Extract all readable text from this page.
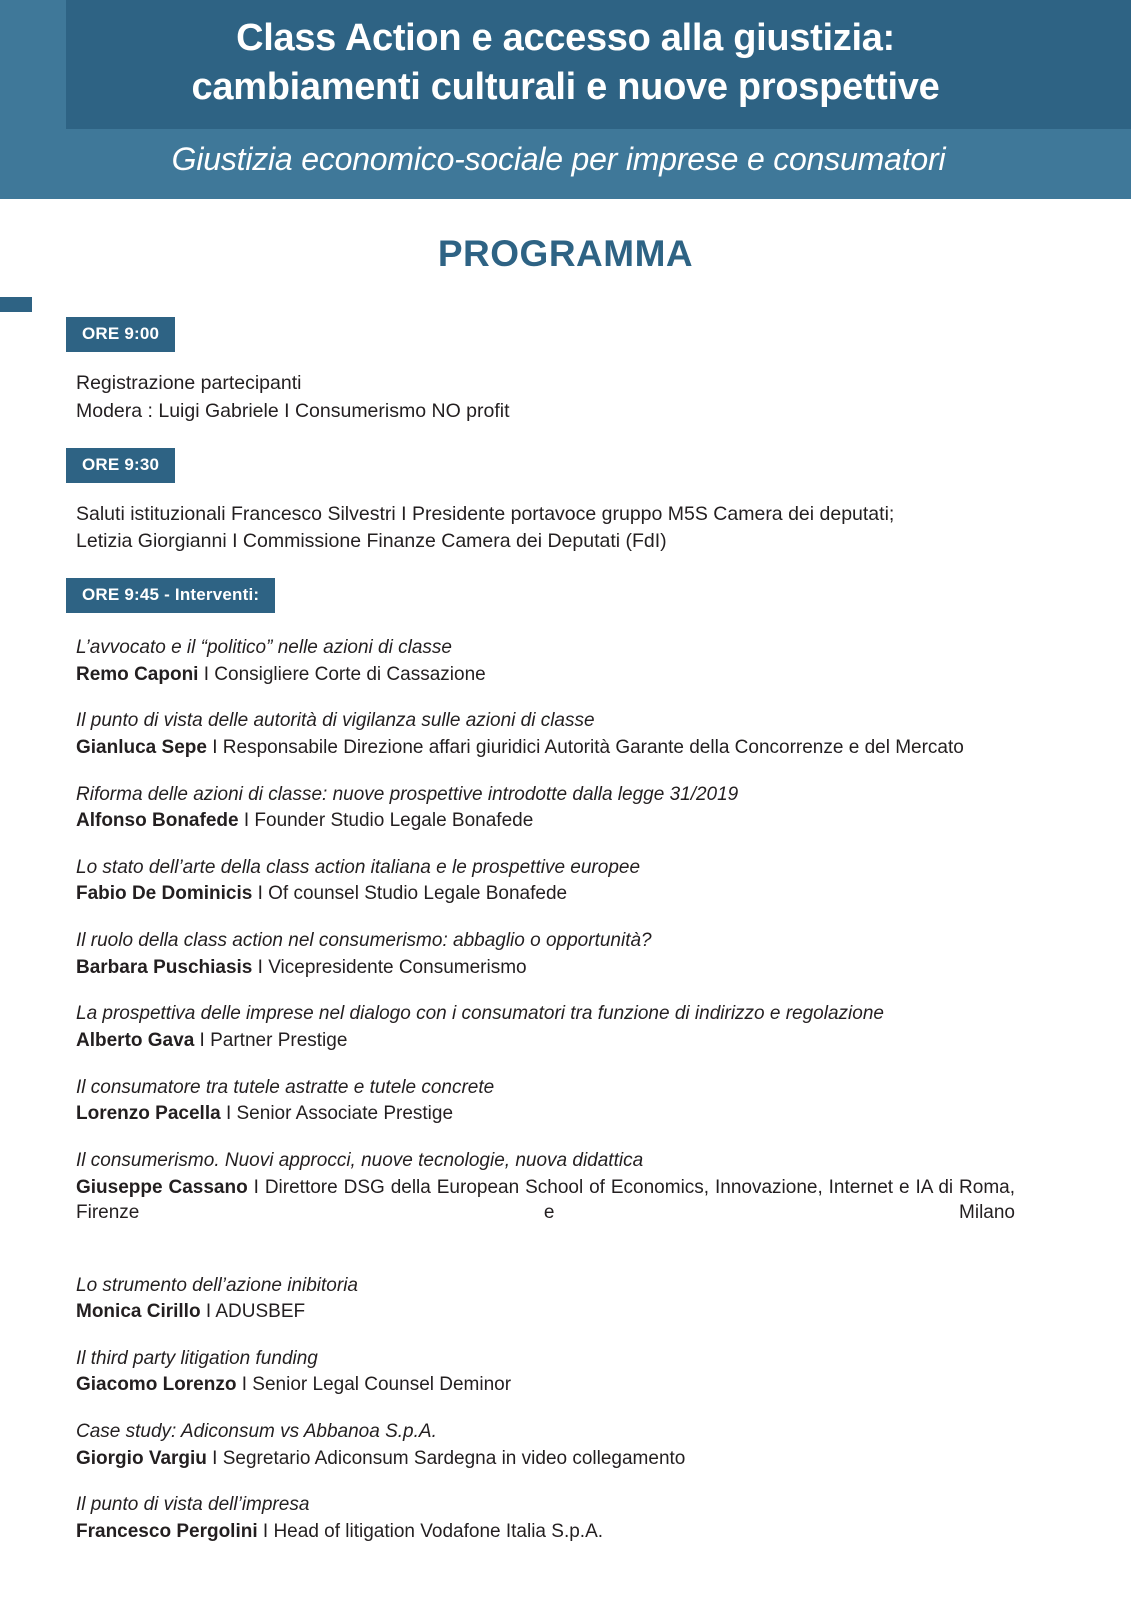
Class Action e accesso alla giustizia:
cambiamenti culturali e nuove prospettive
Giustizia economico-sociale per imprese e consumatori
PROGRAMMA
ORE 9:00
Registrazione partecipanti
Modera : Luigi Gabriele I Consumerismo NO profit
ORE 9:30
Saluti istituzionali Francesco Silvestri I Presidente portavoce gruppo M5S Camera dei deputati;
Letizia Giorgianni I Commissione Finanze Camera dei Deputati (FdI)
ORE 9:45 - Interventi:
L’avvocato e il “politico” nelle azioni di classe
Remo Caponi I Consigliere Corte di Cassazione
Il punto di vista delle autorità di vigilanza sulle azioni di classe
Gianluca Sepe I Responsabile Direzione affari giuridici Autorità Garante della Concorrenze e del Mercato
Riforma delle azioni di classe: nuove prospettive introdotte dalla legge 31/2019
Alfonso Bonafede I Founder Studio Legale Bonafede
Lo stato dell’arte della class action italiana e le prospettive europee
Fabio De Dominicis I Of counsel Studio Legale Bonafede
Il ruolo della class action nel consumerismo: abbaglio o opportunità?
Barbara Puschiasis I Vicepresidente Consumerismo
La prospettiva delle imprese nel dialogo con i consumatori tra funzione di indirizzo e regolazione
Alberto Gava I Partner Prestige
Il consumatore tra tutele astratte e tutele concrete
Lorenzo Pacella I Senior Associate Prestige
Il consumerismo. Nuovi approcci, nuove tecnologie, nuova didattica
Giuseppe Cassano I Direttore DSG della European School of Economics, Innovazione, Internet e IA di Roma, Firenze e Milano
Lo strumento dell’azione inibitoria
Monica Cirillo I ADUSBEF
Il third party litigation funding
Giacomo Lorenzo I Senior Legal Counsel Deminor
Case study: Adiconsum vs Abbanoa S.p.A.
Giorgio Vargiu I Segretario Adiconsum Sardegna in video collegamento
Il punto di vista dell’impresa
Francesco Pergolini I Head of litigation Vodafone Italia S.p.A.
